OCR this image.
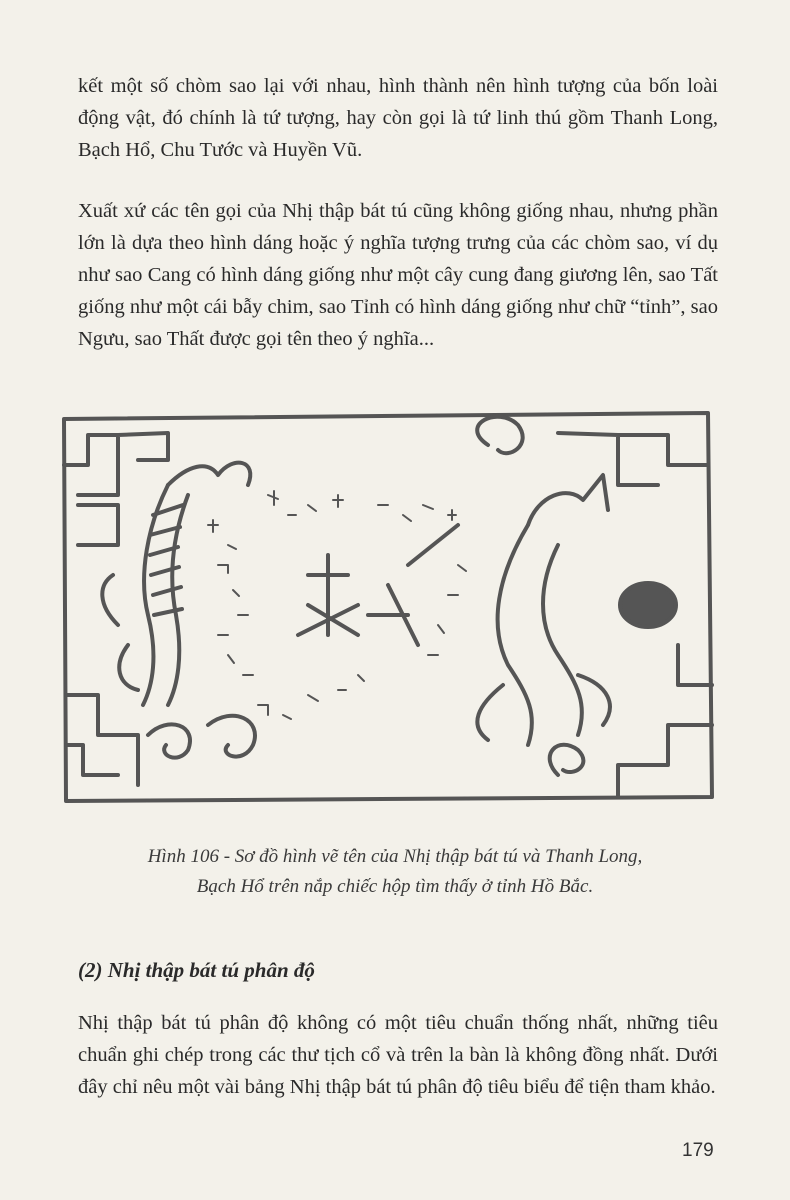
kết một số chòm sao lại với nhau, hình thành nên hình tượng của bốn loài động vật, đó chính là tứ tượng, hay còn gọi là tứ linh thú gồm Thanh Long, Bạch Hổ, Chu Tước và Huyền Vũ.

Xuất xứ các tên gọi của Nhị thập bát tú cũng không giống nhau, nhưng phần lớn là dựa theo hình dáng hoặc ý nghĩa tượng trưng của các chòm sao, ví dụ như sao Cang có hình dáng giống như một cây cung đang giương lên, sao Tất giống như một cái bẫy chim, sao Tỉnh có hình dáng giống như chữ “tỉnh”, sao Ngưu, sao Thất được gọi tên theo ý nghĩa...

Hình 106 - Sơ đồ hình vẽ tên của Nhị thập bát tú và Thanh Long,
Bạch Hổ trên nắp chiếc hộp tìm thấy ở tỉnh Hồ Bắc.
(2) Nhị thập bát tú phân độ

Nhị thập bát tú phân độ không có một tiêu chuẩn thống nhất, những tiêu chuẩn ghi chép trong các thư tịch cổ và trên la bàn là không đồng nhất. Dưới đây chỉ nêu một vài bảng Nhị thập bát tú phân độ tiêu biểu để tiện tham khảo.

179
